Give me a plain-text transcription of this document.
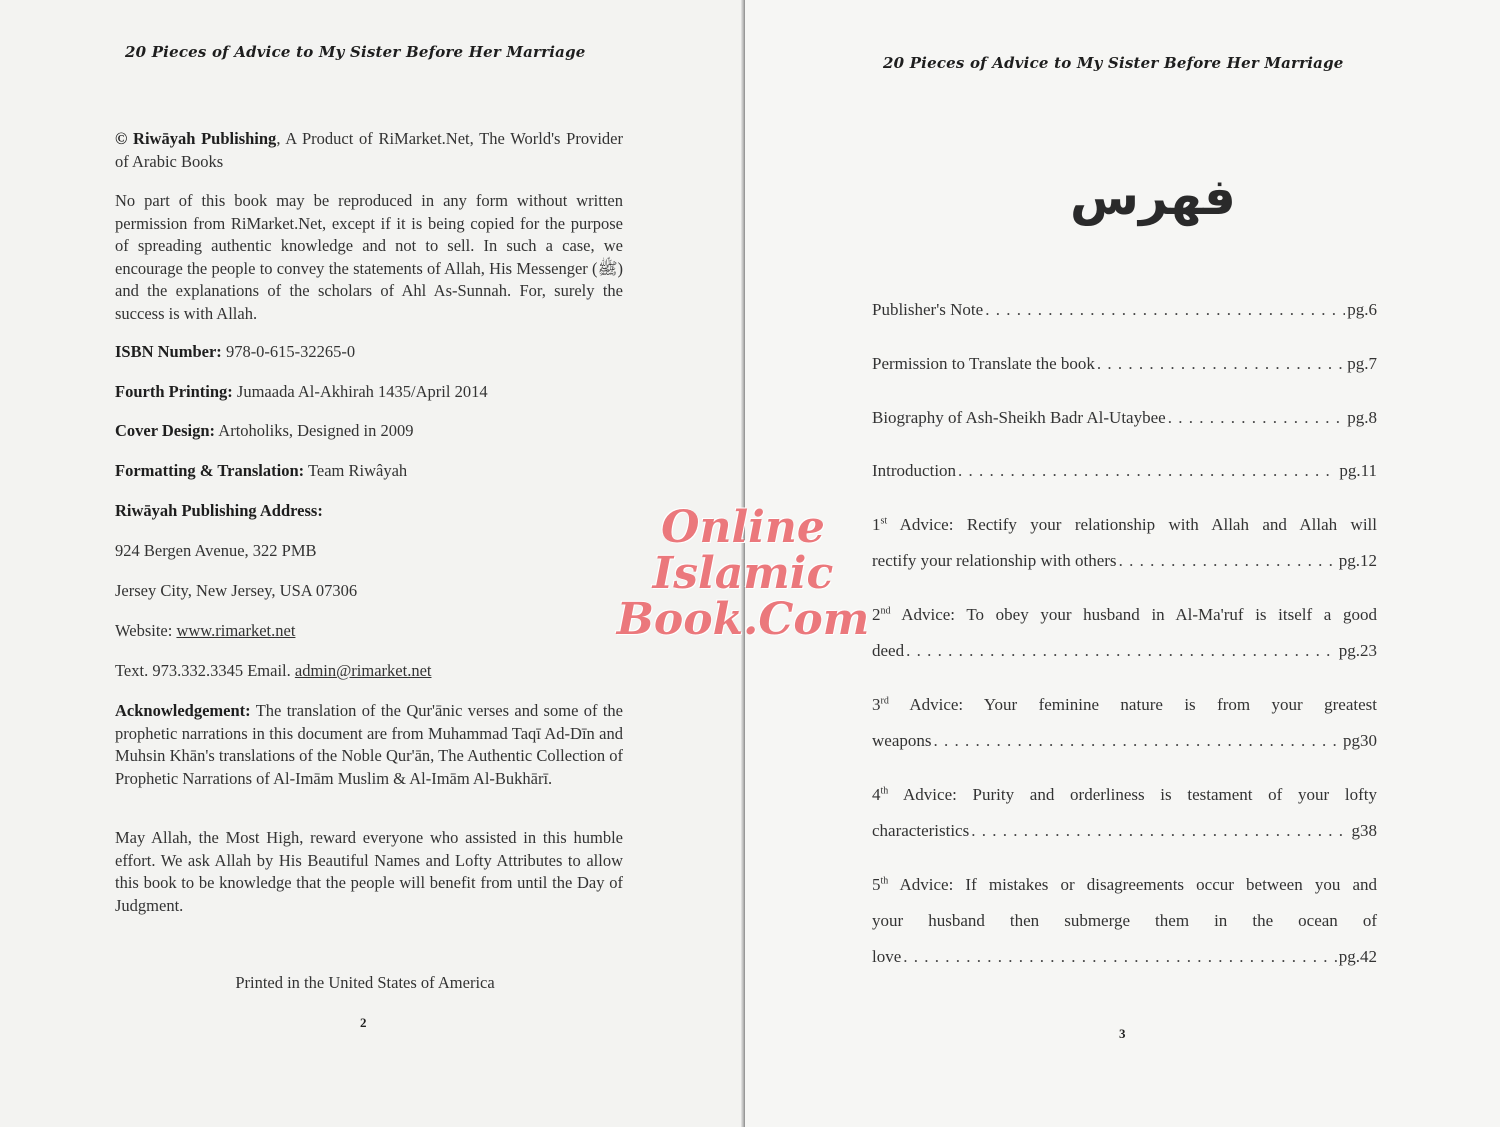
20 Pieces of Advice to My Sister Before Her Marriage
© Riwāyah Publishing, A Product of RiMarket.Net, The World's Provider of Arabic Books
No part of this book may be reproduced in any form without written permission from RiMarket.Net, except if it is being copied for the purpose of spreading authentic knowledge and not to sell. In such a case, we encourage the people to convey the statements of Allah, His Messenger (ﷺ) and the explanations of the scholars of Ahl As-Sunnah. For, surely the success is with Allah.
ISBN Number: 978-0-615-32265-0
Fourth Printing: Jumaada Al-Akhirah 1435/April 2014
Cover Design: Artoholiks, Designed in 2009
Formatting & Translation: Team Riwâyah
Riwāyah Publishing Address:
924 Bergen Avenue, 322 PMB
Jersey City, New Jersey, USA 07306
Website: www.rimarket.net
Text. 973.332.3345 Email. admin@rimarket.net
Acknowledgement: The translation of the Qur'ānic verses and some of the prophetic narrations in this document are from Muhammad Taqī Ad-Dīn and Muhsin Khān's translations of the Noble Qur'ān, The Authentic Collection of Prophetic Narrations of Al-Imām Muslim & Al-Imām Al-Bukhārī.
May Allah, the Most High, reward everyone who assisted in this humble effort. We ask Allah by His Beautiful Names and Lofty Attributes to allow this book to be knowledge that the people will benefit from until the Day of Judgment.
Printed in the United States of America
2
20 Pieces of Advice to My Sister Before Her Marriage
فهرس
Publisher's Note . . .	pg.6
Permission to Translate the book . . .	pg.7
Biography of Ash-Sheikh Badr Al-Utaybee . . .	pg.8
Introduction . . .	pg.11
1st Advice: Rectify your relationship with Allah and Allah will
rectify your relationship with others . . .	pg.12
2nd Advice: To obey your husband in Al-Ma'ruf is itself a good
deed . . .	pg.23
3rd Advice: Your feminine nature is from your greatest
weapons . . .	pg30
4th Advice: Purity and orderliness is testament of your lofty
characteristics . . .	g38
5th Advice: If mistakes or disagreements occur between you and
your husband then submerge them in the ocean of
love . . .	pg.42
3
Online Islamic
Book.Com
